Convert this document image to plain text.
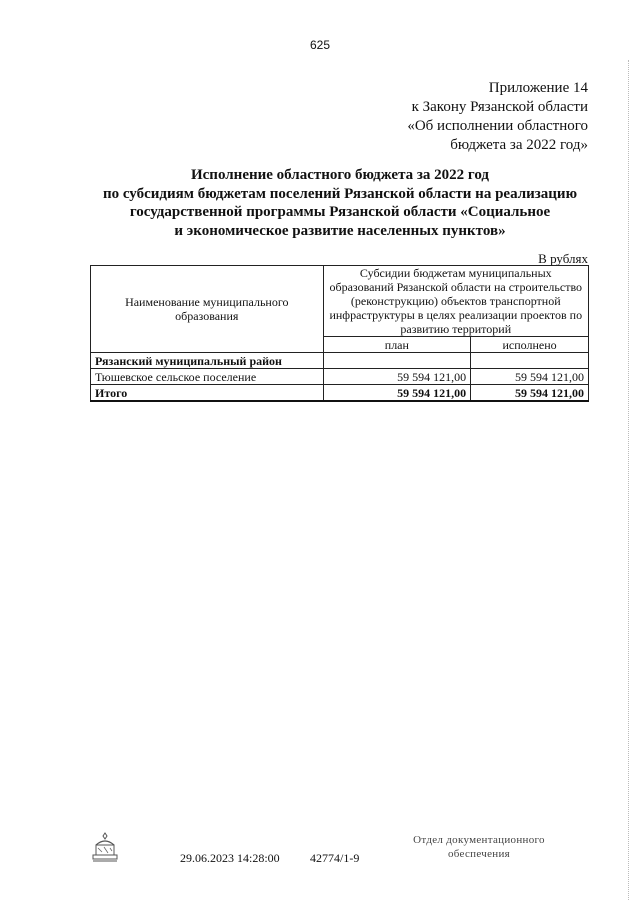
625
Приложение 14
к Закону Рязанской области
«Об исполнении областного
бюджета за 2022 год»
Исполнение областного бюджета за 2022 год
по субсидиям бюджетам поселений Рязанской области на реализацию
государственной программы Рязанской области «Социальное
и экономическое развитие населенных пунктов»
В рублях
Наименование муниципального образования	Субсидии бюджетам муниципальных образований Рязанской области на строительство (реконструкцию) объектов транспортной инфраструктуры в целях реализации проектов по развитию территорий	
	план	исполнено
Рязанский муниципальный район		
Тюшевское сельское поселение	59 594 121,00	59 594 121,00
Итого	59 594 121,00	59 594 121,00
29.06.2023 14:28:00	42774/1-9
Отдел документационного
обеспечения
